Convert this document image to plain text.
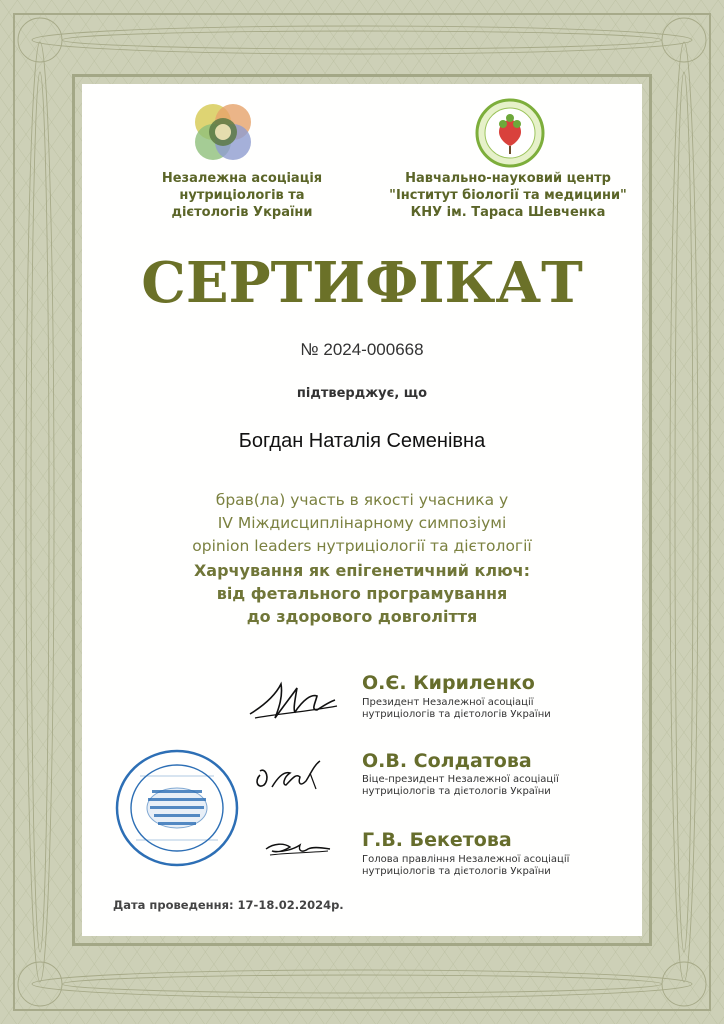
Незалежна асоціація
нутриціологів та
дієтологів України
Навчально-науковий центр
"Інститут біології та медицини"
КНУ ім. Тараса Шевченка
СЕРТИФІКАТ
№ 2024-000668
підтверджує, що
Богдан Наталія Семенівна
брав(ла) участь в якості учасника у
IV Міждисциплінарному симпозіумі
opinion leaders нутриціології та дієтології
Харчування як епігенетичний ключ:
від фетального програмування
до здорового довголіття
О.Є. Кириленко
Президент Незалежної асоціації
нутриціологів та дієтологів України
О.В. Солдатова
Віце-президент Незалежної асоціації
нутриціологів та дієтологів України
Г.В. Бекетова
Голова правління Незалежної асоціації
нутриціологів та дієтологів України
Дата проведення: 17-18.02.2024р.
